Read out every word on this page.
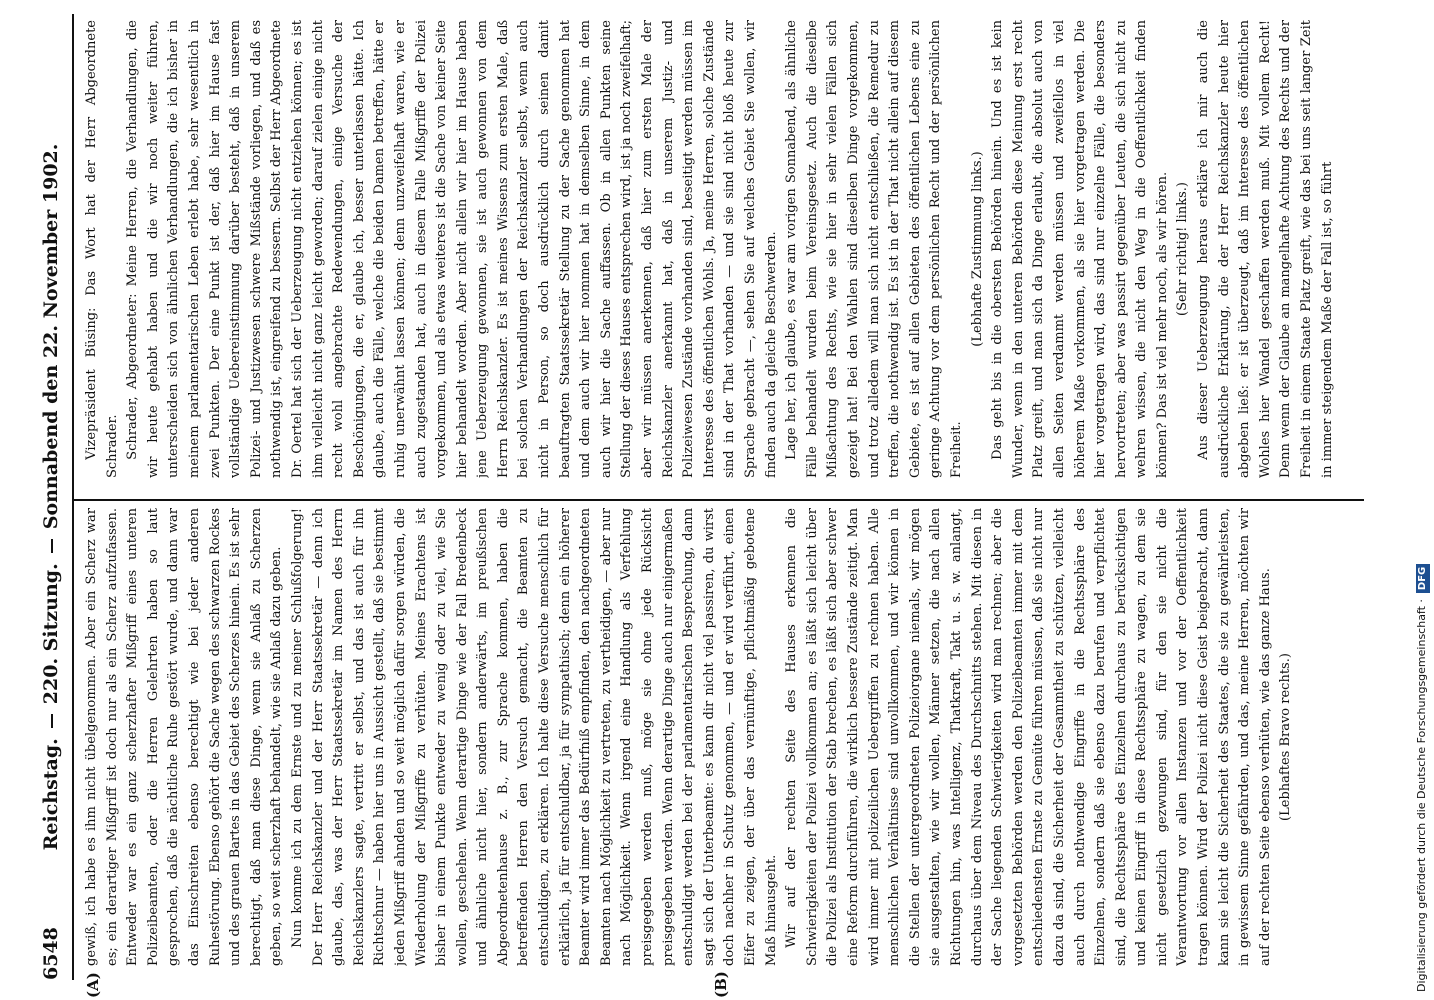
6548
Reichstag.220. Sitzung.Sonnabend den 22. November 1902.
(A)	(B)

gewiß, ich habe es ihm nicht übelgenommen. Aber ein Scherz war es; ein derartiger Mißgriff ist doch nur als ein Scherz aufzufassen. Entweder war es ein ganz scherzhafter Mißgriff eines unteren Polizeibeamten, oder die Herren Gelehrten haben so laut gesprochen, daß die nächtliche Ruhe gestört wurde, und dann war das Einschreiten ebenso berechtigt wie bei jeder anderen Ruhestörung. Ebenso gehört die Sache wegen des schwarzen Rockes und des grauen Bartes in das Gebiet des Scherzes hinein. Es ist sehr berechtigt, daß man diese Dinge, wenn sie Anlaß zu Scherzen geben, so weit scherzhaft behandelt, wie sie Anlaß dazu geben. Nun komme ich zu dem Ernste und zu meiner Schlußfolgerung! Der Herr Reichskanzler und der Herr Staatssekretär — denn ich glaube, das, was der Herr Staatssekretär im Namen des Herrn Reichskanzlers sagte, vertritt er selbst, und das ist auch für ihn Richtschnur — haben hier uns in Aussicht gestellt, daß sie bestimmt jeden Mißgriff ahnden und so weit möglich dafür sorgen würden, die Wiederholung der Mißgriffe zu verhüten. Meines Erachtens ist bisher in einem Punkte entweder zu wenig oder zu viel, wie Sie wollen, geschehen. Wenn derartige Dinge wie der Fall Bredenbeck und ähnliche nicht hier, sondern anderwärts, im preußischen Abgeordnetenhause z. B., zur Sprache kommen, haben die betreffenden Herren den Versuch gemacht, die Beamten zu entschuldigen, zu erklären. Ich halte diese Versuche menschlich für erklärlich, ja für entschuldbar, ja für sympathisch; denn ein höherer Beamter wird immer das Bedürfniß empfinden, den nachgeordneten Beamten nach Möglichkeit zu vertreten, zu vertheidigen, — aber nur nach Möglichkeit. Wenn irgend eine Handlung als Verfehlung preisgegeben werden muß, möge sie ohne jede Rücksicht preisgegeben werden. Wenn derartige Dinge auch nur einigermaßen entschuldigt werden bei der parlamentarischen Besprechung, dann sagt sich der Unterbeamte: es kann dir nicht viel passiren, du wirst doch nachher in Schutz genommen, — und er wird verführt, einen Eifer zu zeigen, der über das vernünftige, pflichtmäßig gebotene Maß hinausgeht. Wir auf der rechten Seite des Hauses erkennen die Schwierigkeiten der Polizei vollkommen an; es läßt sich leicht über die Polizei als Institution der Stab brechen, es läßt sich aber schwer eine Reform durchführen, die wirklich bessere Zustände zeitigt. Man wird immer mit polizeilichen Uebergriffen zu rechnen haben. Alle menschlichen Verhältnisse sind unvollkommen, und wir können in die Stellen der untergeordneten Polizeiorgane niemals, wir mögen sie ausgestalten, wie wir wollen, Männer setzen, die nach allen Richtungen hin, was Intelligenz, Thatkraft, Takt u. s. w. anlangt, durchaus über dem Niveau des Durchschnitts stehen. Mit diesen in der Sache liegenden Schwierigkeiten wird man rechnen; aber die vorgesetzten Behörden werden den Polizeibeamten immer mit dem entschiedensten Ernste zu Gemüte führen müssen, daß sie nicht nur dazu da sind, die Sicherheit der Gesammtheit zu schützen, vielleicht auch durch nothwendige Eingriffe in die Rechtssphäre des Einzelnen, sondern daß sie ebenso dazu berufen und verpflichtet sind, die Rechtssphäre des Einzelnen durchaus zu berücksichtigen und keinen Eingriff in diese Rechtssphäre zu wagen, zu dem sie nicht gesetzlich gezwungen sind, für den sie nicht die Verantwortung vor allen Instanzen und vor der Oeffentlichkeit tragen können. Wird der Polizei nicht diese Geist beigebracht, dann kann sie leicht die Sicherheit des Staates, die sie zu gewährleisten, in gewissem Sinne gefährden, und das, meine Herren, möchten wir auf der rechten Seite ebenso verhüten, wie das ganze Haus. (Lebhaftes Bravo rechts.)

Vizepräsident Büsing: Das Wort hat der Herr Abgeordnete Schrader. Schrader, Abgeordneter: Meine Herren, die Verhandlungen, die wir heute gehabt haben und die wir noch weiter führen, unterscheiden sich von ähnlichen Verhandlungen, die ich bisher in meinem parlamentarischen Leben erlebt habe, sehr wesentlich in zwei Punkten. Der eine Punkt ist der, daß hier im Hause fast vollständige Uebereinstimmung darüber besteht, daß in unserem Polizei- und Justizwesen schwere Mißstände vorliegen, und daß es nothwendig ist, eingreifend zu bessern. Selbst der Herr Abgeordnete Dr. Oertel hat sich der Ueberzeugung nicht entziehen können; es ist ihm vielleicht nicht ganz leicht geworden; darauf zielen einige nicht recht wohl angebrachte Redewendungen, einige Versuche der Beschönigungen, die er, glaube ich, besser unterlassen hätte. Ich glaube, auch die Fälle, welche die beiden Damen betreffen, hätte er ruhig unerwähnt lassen können; denn unzweifelhaft waren, wie er auch zugestanden hat, auch in diesem Falle Mißgriffe der Polizei vorgekommen, und als etwas weiteres ist die Sache von keiner Seite hier behandelt worden. Aber nicht allein wir hier im Hause haben jene Ueberzeugung gewonnen, sie ist auch gewonnen von dem Herrn Reichskanzler. Es ist meines Wissens zum ersten Male, daß bei solchen Verhandlungen der Reichskanzler selbst, wenn auch nicht in Person, so doch ausdrücklich durch seinen damit beauftragten Staatssekretär Stellung zu der Sache genommen hat und dem auch wir hier nommen hat in demselben Sinne, in dem auch wir hier die Sache auffassen. Ob in allen Punkten seine Stellung der dieses Hauses entsprechen wird, ist ja noch zweifelhaft; aber wir müssen anerkennen, daß hier zum ersten Male der Reichskanzler anerkannt hat, daß in unserem Justiz- und Polizeiwesen Zustände vorhanden sind, beseitigt werden müssen im Interesse des öffentlichen Wohls. Ja, meine Herren, solche Zustände sind in der That vorhanden — und sie sind nicht bloß heute zur Sprache gebracht —, sehen Sie auf welches Gebiet Sie wollen, wir finden auch da gleiche Beschwerden. Lage her, ich glaube, es war am vorigen Sonnabend, als ähnliche Fälle behandelt wurden beim Vereinsgesetz. Auch die dieselbe Mißachtung des Rechts, wie sie hier in sehr vielen Fällen sich gezeigt hat! Bei den Wahlen sind dieselben Dinge vorgekommen, und trotz alledem will man sich nicht entschließen, die Remedur zu treffen, die nothwendig ist. Es ist in der That nicht allein auf diesem Gebiete, es ist auf allen Gebieten des öffentlichen Lebens eine zu geringe Achtung vor dem persönlichen Recht und der persönlichen Freiheit.

(Lebhafte Zustimmung links.) Das geht bis in die obersten Behörden hinein. Und es ist kein Wunder, wenn in den unteren Behörden diese Meinung erst recht Platz greift, und man sich da Dinge erlaubt, die absolut auch von allen Seiten verdammt werden müssen und zweifellos in viel höherem Maße vorkommen, als sie hier vorgetragen werden. Die hier vorgetragen wird, das sind nur einzelne Fälle, die besonders hervortreten; aber was passirt gegenüber Leuten, die sich nicht zu wehren wissen, die nicht den Weg in die Oeffentlichkeit finden können? Das ist viel mehr noch, als wir hören. (Sehr richtig! links.) Aus dieser Ueberzeugung heraus erkläre ich mir auch die ausdrückliche Erklärung, die der Herr Reichskanzler heute hier abgeben ließ: er ist überzeugt, daß im Interesse des öffentlichen Wohles hier Wandel geschaffen werden muß. Mit vollem Recht! Denn wenn der Glaube an mangelhafte Achtung des Rechts und der Freiheit in einem Staate Platz greift, wie das bei uns seit langer Zeit in immer steigendem Maße der Fall ist, so führt

Digitalisierung gefördert durch die Deutsche Forschungsgemeinschaft ·DFG
